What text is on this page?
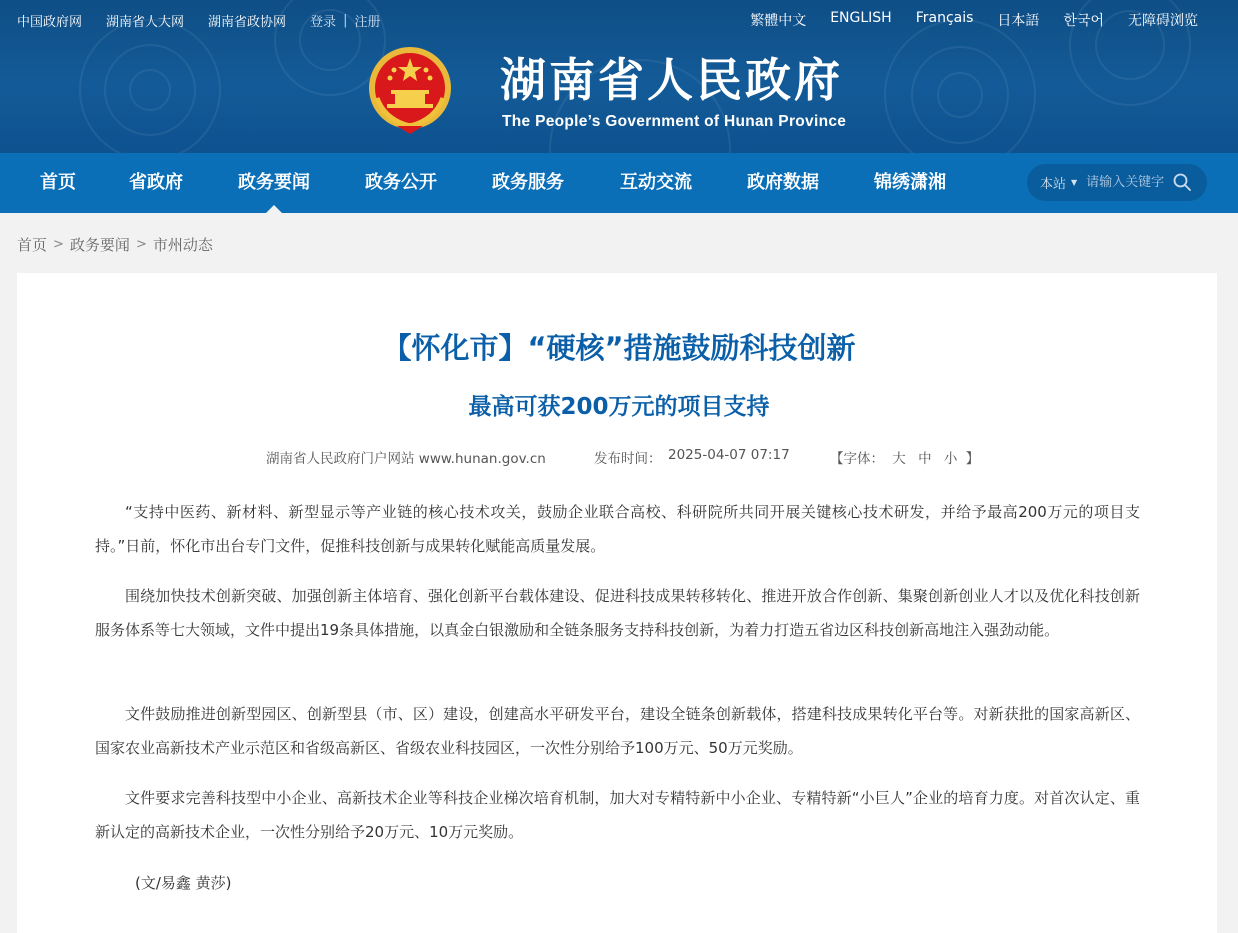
中国政府网 湖南省人大网 湖南省政协网 登录 | 注册	繁體中文 ENGLISH Français 日本語 한국어 无障碍浏览
湖南省人民政府
The People’s Government of Hunan Province
首页	省政府	政务要闻	政务公开	政务服务	互动交流	政府数据	锦绣潇湘	本站 ▼
请输入关键字
首页 > 政务要闻 > 市州动态
【怀化市】“硬核”措施鼓励科技创新
最高可获200万元的项目支持
湖南省人民政府门户网站 www.hunan.gov.cn	发布时间： 2025-04-07 07:17	【字体： 大 中 小 】

“支持中医药、新材料、新型显示等产业链的核心技术攻关，鼓励企业联合高校、科研院所共同开展关键核心技术研发，并给予最高200万元的项目支持。”日前，怀化市出台专门文件，促推科技创新与成果转化赋能高质量发展。

围绕加快技术创新突破、加强创新主体培育、强化创新平台载体建设、促进科技成果转移转化、推进开放合作创新、集聚创新创业人才以及优化科技创新服务体系等七大领域，文件中提出19条具体措施，以真金白银激励和全链条服务支持科技创新，为着力打造五省边区科技创新高地注入强劲动能。

文件鼓励推进创新型园区、创新型县（市、区）建设，创建高水平研发平台，建设全链条创新载体，搭建科技成果转化平台等。对新获批的国家高新区、国家农业高新技术产业示范区和省级高新区、省级农业科技园区，一次性分别给予100万元、50万元奖励。

文件要求完善科技型中小企业、高新技术企业等科技企业梯次培育机制，加大对专精特新中小企业、专精特新“小巨人”企业的培育力度。对首次认定、重新认定的高新技术企业，一次性分别给予20万元、10万元奖励。

(文/易鑫 黄莎)
